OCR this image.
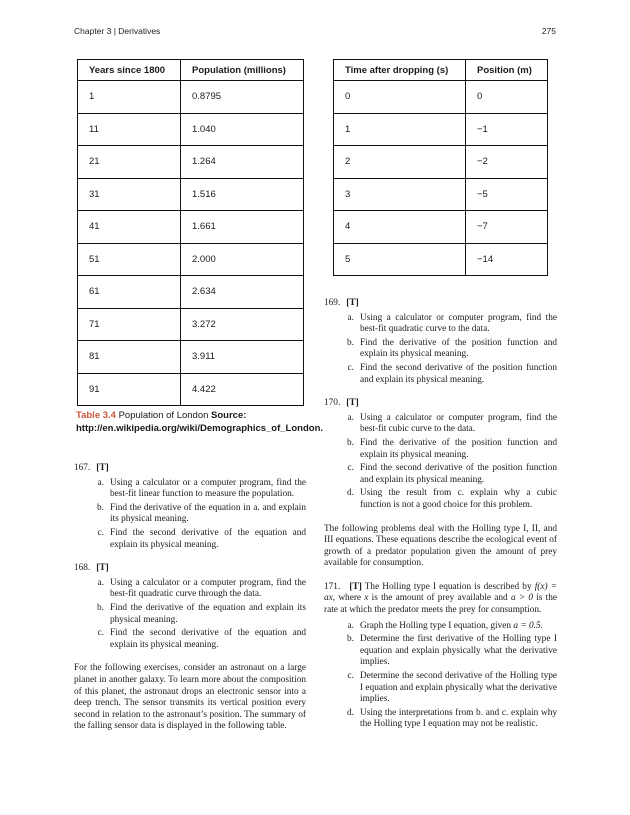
Chapter 3 | Derivatives	275
Years since 1800	Population (millions)
1	0.8795
11	1.040
21	1.264
31	1.516
41	1.661
51	2.000
61	2.634
71	3.272
81	3.911
91	4.422
Table 3.4 Population of London Source: http://en.wikipedia.org/wiki/Demographics_of_London.
Time after dropping (s)	Position (m)
0	0
1	−1
2	−2
3	−5
4	−7
5	−14
167. [T]
a. Using a calculator or a computer program, find the best-fit linear function to measure the population.
b. Find the derivative of the equation in a. and explain its physical meaning.
c. Find the second derivative of the equation and explain its physical meaning.
168. [T]
a. Using a calculator or a computer program, find the best-fit quadratic curve through the data.
b. Find the derivative of the equation and explain its physical meaning.
c. Find the second derivative of the equation and explain its physical meaning.
For the following exercises, consider an astronaut on a large planet in another galaxy. To learn more about the composition of this planet, the astronaut drops an electronic sensor into a deep trench. The sensor transmits its vertical position every second in relation to the astronaut’s position. The summary of the falling sensor data is displayed in the following table.
169. [T]
a. Using a calculator or computer program, find the best-fit quadratic curve to the data.
b. Find the derivative of the position function and explain its physical meaning.
c. Find the second derivative of the position function and explain its physical meaning.
170. [T]
a. Using a calculator or computer program, find the best-fit cubic curve to the data.
b. Find the derivative of the position function and explain its physical meaning.
c. Find the second derivative of the position function and explain its physical meaning.
d. Using the result from c. explain why a cubic function is not a good choice for this problem.
The following problems deal with the Holling type I, II, and III equations. These equations describe the ecological event of growth of a predator population given the amount of prey available for consumption.
171. [T] The Holling type I equation is described by f(x) = ax, where x is the amount of prey available and a > 0 is the rate at which the predator meets the prey for consumption.
a. Graph the Holling type I equation, given a = 0.5.
b. Determine the first derivative of the Holling type I equation and explain physically what the derivative implies.
c. Determine the second derivative of the Holling type I equation and explain physically what the derivative implies.
d. Using the interpretations from b. and c. explain why the Holling type I equation may not be realistic.
